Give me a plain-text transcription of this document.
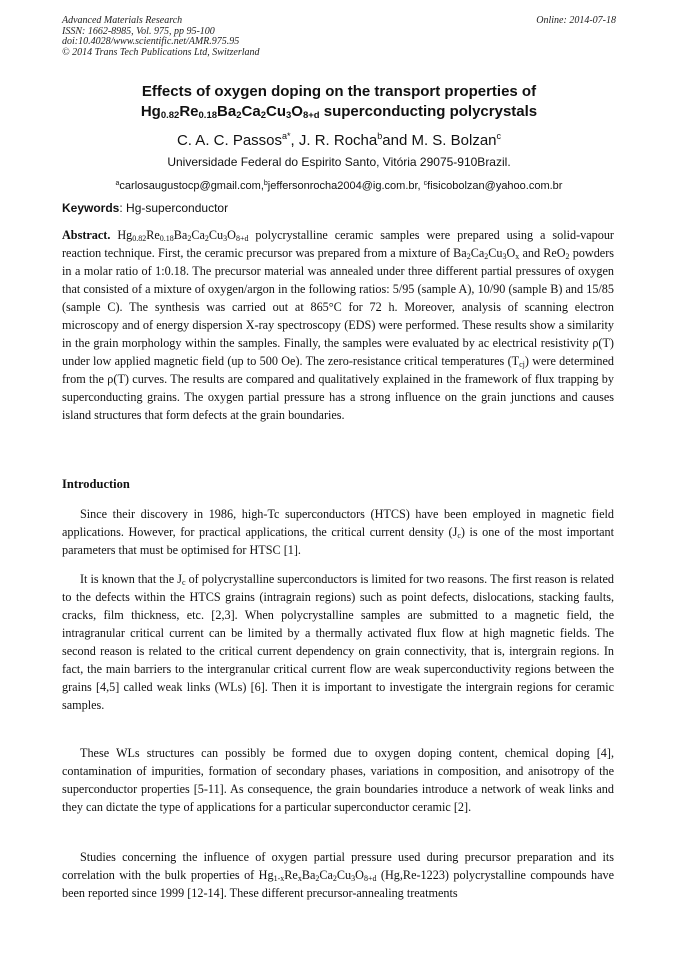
Advanced Materials Research
ISSN: 1662-8985, Vol. 975, pp 95-100
doi:10.4028/www.scientific.net/AMR.975.95
© 2014 Trans Tech Publications Ltd, Switzerland
Online: 2014-07-18
Effects of oxygen doping on the transport properties of
$Hg_{0.82}Re_{0.18}Ba_2Ca_2Cu_3O_{8+d}$ superconducting polycrystals
C. A. C. Passos$^{a*}$, J. R. Rocha$^b$and M. S. Bolzan$^c$
Universidade Federal do Espirito Santo, Vitória 29075-910Brazil.
$^a$carlosaugustocp@gmail.com,$^b$jeffersonrocha2004@ig.com.br, $^c$fisicobolzan@yahoo.com.br
Keywords: Hg-superconductor
Abstract. $Hg_{0.82}Re_{0.18}Ba_2Ca_2Cu_3O_{8+d}$ polycrystalline ceramic samples were prepared using a solid-vapour reaction technique. First, the ceramic precursor was prepared from a mixture of $Ba_2Ca_2Cu_3O_x$ and ReO$_2$ powders in a molar ratio of 1:0.18. The precursor material was annealed under three different partial pressures of oxygen that consisted of a mixture of oxygen/argon in the following ratios: 5/95 (sample A), 10/90 (sample B) and 15/85 (sample C). The synthesis was carried out at 865°C for 72 h. Moreover, analysis of scanning electron microscopy and of energy dispersion X-ray spectroscopy (EDS) were performed. These results show a similarity in the grain morphology within the samples. Finally, the samples were evaluated by ac electrical resistivity ρ(T) under low applied magnetic field (up to 500 Oe). The zero-resistance critical temperatures $(T_{cj})$ were determined from the ρ(T) curves. The results are compared and qualitatively explained in the framework of flux trapping by superconducting grains. The oxygen partial pressure has a strong influence on the grain junctions and causes island structures that form defects at the grain boundaries.
Introduction
Since their discovery in 1986, high-Tc superconductors (HTCS) have been employed in magnetic field applications. However, for practical applications, the critical current density $(J_c)$ is one of the most important parameters that must be optimised for HTSC [1].
It is known that the $J_c$ of polycrystalline superconductors is limited for two reasons. The first reason is related to the defects within the HTCS grains (intragrain regions) such as point defects, dislocations, stacking faults, cracks, film thickness, etc. [2,3]. When polycrystalline samples are submitted to a magnetic field, the intragranular critical current can be limited by a thermally activated flux flow at high magnetic fields. The second reason is related to the critical current dependency on grain connectivity, that is, intergrain regions. In fact, the main barriers to the intergranular critical current flow are weak superconductivity regions between the grains [4,5] called weak links (WLs) [6]. Then it is important to investigate the intergrain regions for ceramic samples.
These WLs structures can possibly be formed due to oxygen doping content, chemical doping [4], contamination of impurities, formation of secondary phases, variations in composition, and anisotropy of the superconductor properties [5-11]. As consequence, the grain boundaries introduce a network of weak links and they can dictate the type of applications for a particular superconductor ceramic [2].
Studies concerning the influence of oxygen partial pressure used during precursor preparation and its correlation with the bulk properties of $Hg_{1-x}Re_xBa_2Ca_2Cu_3O_{8+d}$ (Hg,Re-1223) polycrystalline compounds have been reported since 1999 [12-14]. These different precursor-annealing treatments
